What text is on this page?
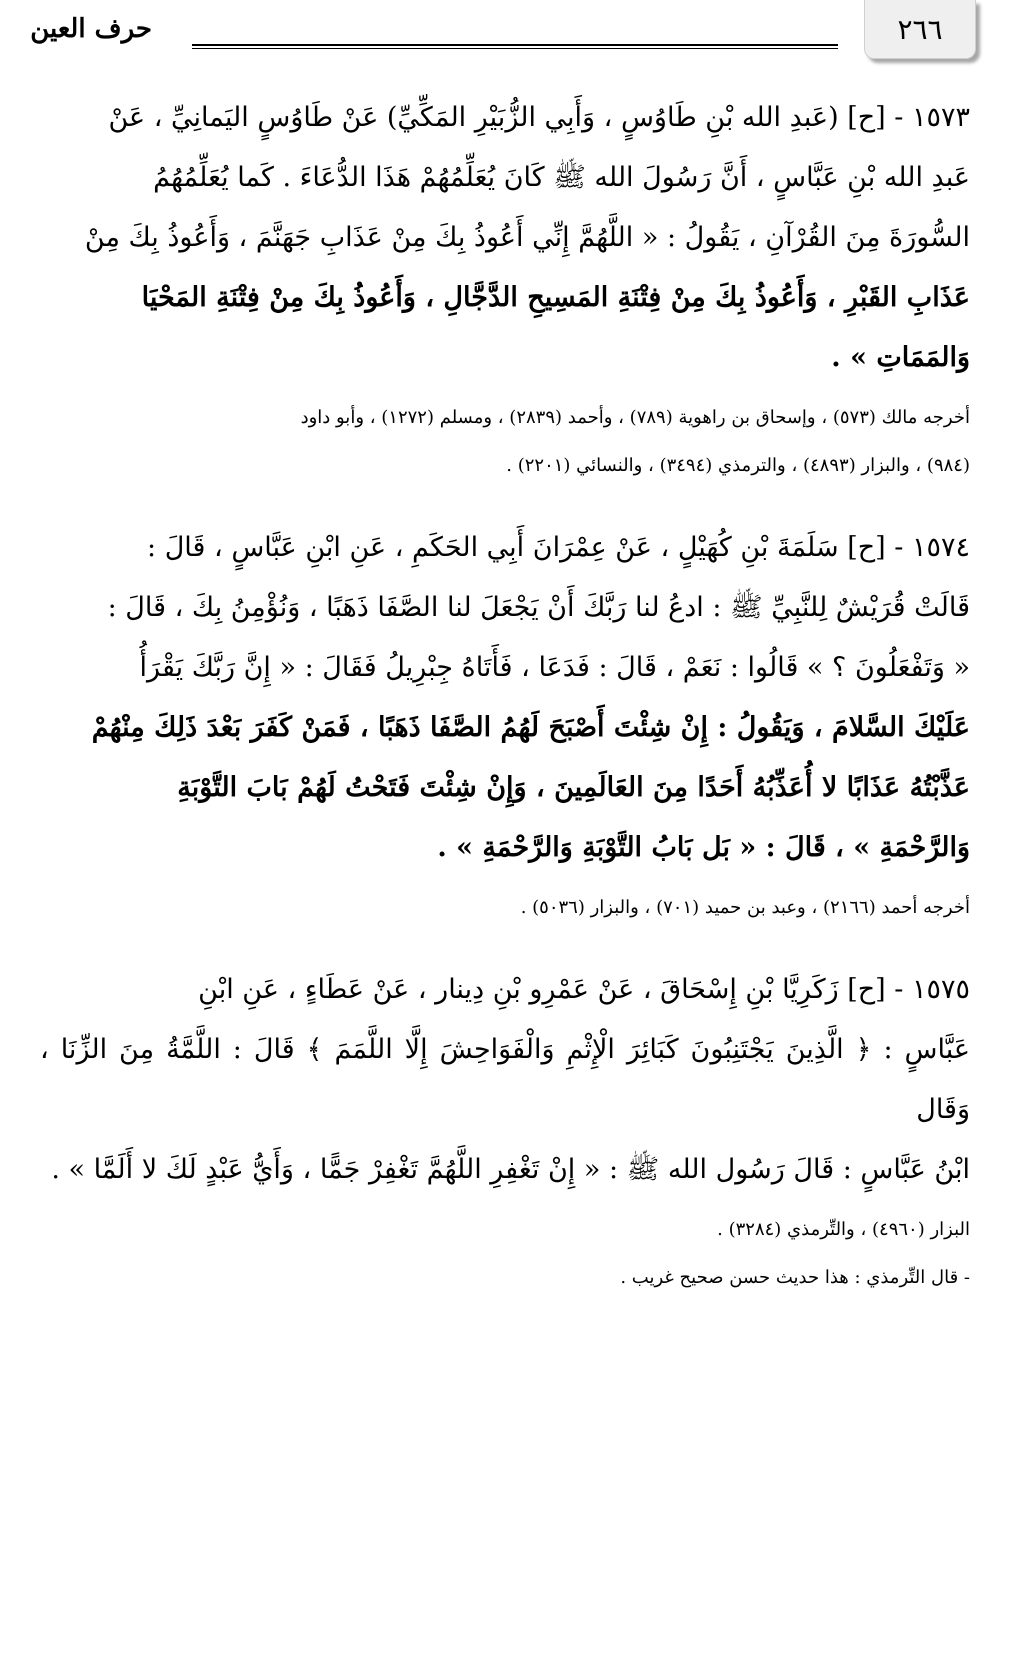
٢٦٦
حرف العين

١٥٧٣ - [ح] (عَبدِ الله بْنِ طَاوُسٍ ، وَأَبِي الزُّبَيْرِ المَكِّيِّ) عَنْ طَاوُسٍ اليَمانِيِّ ، عَنْ

عَبدِ الله بْنِ عَبَّاسٍ ، أَنَّ رَسُولَ الله ﷺ كَانَ يُعَلِّمُهُمْ هَذَا الدُّعَاءَ . كَما يُعَلِّمُهُمُ

السُّورَةَ مِنَ القُرْآنِ ، يَقُولُ : « اللَّهُمَّ إِنِّي أَعُوذُ بِكَ مِنْ عَذَابِ جَهَنَّمَ ، وَأَعُوذُ بِكَ مِنْ

عَذَابِ القَبْرِ ، وَأَعُوذُ بِكَ مِنْ فِتْنَةِ المَسِيحِ الدَّجَّالِ ، وَأَعُوذُ بِكَ مِنْ فِتْنَةِ المَحْيَا

وَالمَمَاتِ » .

أخرجه مالك (٥٧٣) ، وإسحاق بن راهوية (٧٨٩) ، وأحمد (٢٨٣٩) ، ومسلم (١٢٧٢) ، وأبو داود

(٩٨٤) ، والبزار (٤٨٩٣) ، والترمذي (٣٤٩٤) ، والنسائي (٢٢٠١) .

١٥٧٤ - [ح] سَلَمَةَ بْنِ كُهَيْلٍ ، عَنْ عِمْرَانَ أَبِي الحَكَمِ ، عَنِ ابْنِ عَبَّاسٍ ، قَالَ :

قَالَتْ قُرَيْشٌ لِلنَّبِيِّ ﷺ : ادعُ لنا رَبَّكَ أَنْ يَجْعَلَ لنا الصَّفَا ذَهَبًا ، وَنُؤْمِنُ بِكَ ، قَالَ :

« وَتَفْعَلُونَ ؟ » قَالُوا : نَعَمْ ، قَالَ : فَدَعَا ، فَأَتَاهُ جِبْرِيلُ فَقَالَ : « إِنَّ رَبَّكَ يَقْرَأُ

عَلَيْكَ السَّلامَ ، وَيَقُولُ : إِنْ شِئْتَ أَصْبَحَ لَهُمُ الصَّفَا ذَهَبًا ، فَمَنْ كَفَرَ بَعْدَ ذَلِكَ مِنْهُمْ

عَذَّبْتُهُ عَذَابًا لا أُعَذِّبُهُ أَحَدًا مِنَ العَالَمِينَ ، وَإِنْ شِئْتَ فَتَحْتُ لَهُمْ بَابَ التَّوْبَةِ

وَالرَّحْمَةِ » ، قَالَ : « بَل بَابُ التَّوْبَةِ وَالرَّحْمَةِ » .

أخرجه أحمد (٢١٦٦) ، وعبد بن حميد (٧٠١) ، والبزار (٥٠٣٦) .

١٥٧٥ - [ح] زَكَرِيَّا بْنِ إِسْحَاقَ ، عَنْ عَمْرِو بْنِ دِينار ، عَنْ عَطَاءٍ ، عَنِ ابْنِ

عَبَّاسٍ : ﴿ الَّذِينَ يَجْتَنِبُونَ كَبَائِرَ الْإِثْمِ وَالْفَوَاحِشَ إِلَّا اللَّمَمَ ﴾ قَالَ : اللَّمَّةُ مِنَ الزِّنَا ، وَقَال

ابْنُ عَبَّاسٍ : قَالَ رَسُول الله ﷺ : « إِنْ تَغْفِرِ اللَّهُمَّ تَغْفِرْ جَمًّا ، وَأَيُّ عَبْدٍ لَكَ لا أَلَمَّا » .

البزار (٤٩٦٠) ، والتِّرمذي (٣٢٨٤) .

- قال التِّرمذي : هذا حديث حسن صحيح غريب .
